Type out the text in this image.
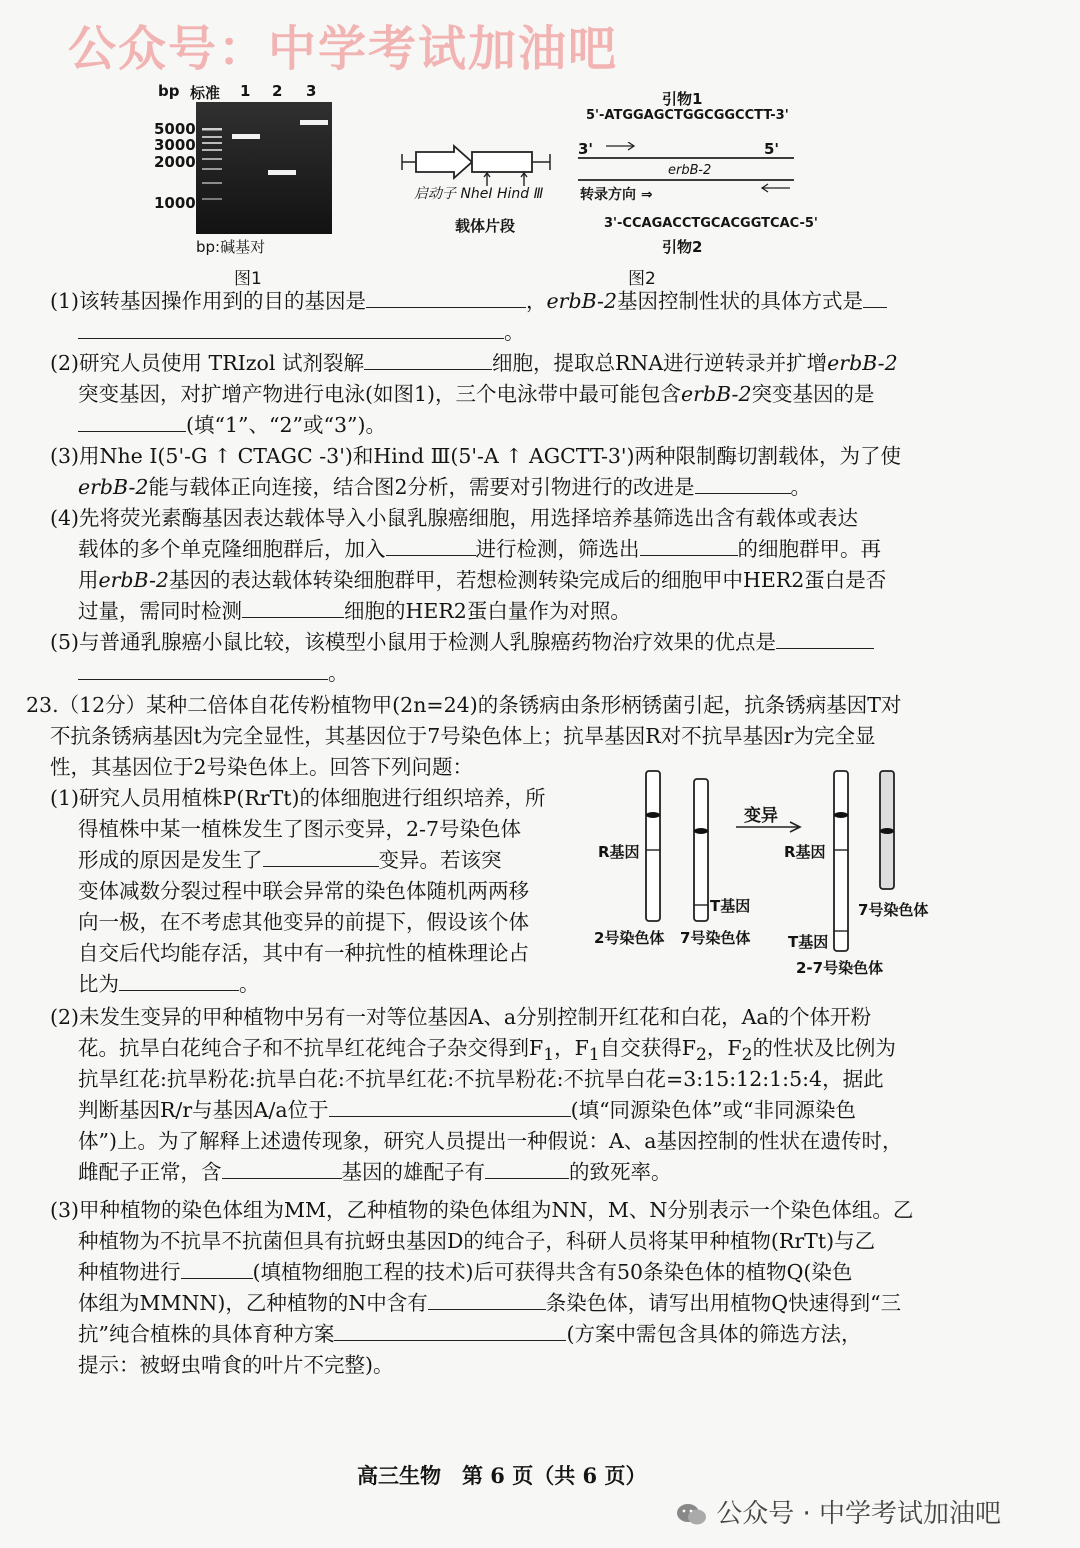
公众号：中学考试加油吧
bp 标准 1 2 3
5000
3000
2000
1000
bp:碱基对
图1
启动子 NheⅠ Hind Ⅲ
载体片段
引物1
5'-ATGGAGCTGGCGGCCTT-3'
3'	5'
erbB-2
转录方向 ⇒
3'-CCAGACCTGCACGGTCAC-5'
引物2
图2
(1)该转基因操作用到的目的基因是	，erbB-2基因控制性状的具体方式是
。
(2)研究人员使用 TRIzol 试剂裂解	细胞，提取总RNA进行逆转录并扩增erbB-2
突变基因，对扩增产物进行电泳(如图1)，三个电泳带中最可能包含erbB-2突变基因的是
(填“1”、“2”或“3”)。
(3)用Nhe Ⅰ(5'-G ↑ CTAGC -3')和Hind Ⅲ(5'-A ↑ AGCTT-3')两种限制酶切割载体，为了使
erbB-2能与载体正向连接，结合图2分析，需要对引物进行的改进是	。
(4)先将荧光素酶基因表达载体导入小鼠乳腺癌细胞，用选择培养基筛选出含有载体或表达
载体的多个单克隆细胞群后，加入	进行检测，筛选出	的细胞群甲。再
用erbB-2基因的表达载体转染细胞群甲，若想检测转染完成后的细胞甲中HER2蛋白是否
过量，需同时检测	细胞的HER2蛋白量作为对照。
(5)与普通乳腺癌小鼠比较，该模型小鼠用于检测人乳腺癌药物治疗效果的优点是
。
23.（12分）某种二倍体自花传粉植物甲(2n=24)的条锈病由条形柄锈菌引起，抗条锈病基因T对
不抗条锈病基因t为完全显性，其基因位于7号染色体上；抗旱基因R对不抗旱基因r为完全显
性，其基因位于2号染色体上。回答下列问题：
(1)研究人员用植株P(RrTt)的体细胞进行组织培养，所
得植株中某一植株发生了图示变异，2-7号染色体
形成的原因是发生了	变异。若该突
变体减数分裂过程中联会异常的染色体随机两两移
向一极，在不考虑其他变异的前提下，假设该个体
自交后代均能存活，其中有一种抗性的植株理论占
比为	。
变异
R基因
T基因
2号染色体 7号染色体
R基因
T基因
2-7号染色体
7号染色体
(2)未发生变异的甲种植物中另有一对等位基因A、a分别控制开红花和白花，Aa的个体开粉
花。抗旱白花纯合子和不抗旱红花纯合子杂交得到$F_1$，$F_1$自交获得$F_2$，$F_2$的性状及比例为
抗旱红花:抗旱粉花:抗旱白花:不抗旱红花:不抗旱粉花:不抗旱白花=3:15:12:1:5:4，据此
判断基因R/r与基因A/a位于	(填“同源染色体”或“非同源染色
体”)上。为了解释上述遗传现象，研究人员提出一种假说：A、a基因控制的性状在遗传时，
雌配子正常，含	基因的雄配子有	的致死率。
(3)甲种植物的染色体组为MM，乙种植物的染色体组为NN，M、N分别表示一个染色体组。乙
种植物为不抗旱不抗菌但具有抗蚜虫基因D的纯合子，科研人员将某甲种植物(RrTt)与乙
种植物进行	(填植物细胞工程的技术)后可获得共含有50条染色体的植物Q(染色
体组为MMNN)，乙种植物的N中含有	条染色体，请写出用植物Q快速得到“三
抗”纯合植株的具体育种方案	(方案中需包含具体的筛选方法，
提示：被蚜虫啃食的叶片不完整)。
高三生物　第 6 页（共 6 页）
公众号 · 中学考试加油吧
